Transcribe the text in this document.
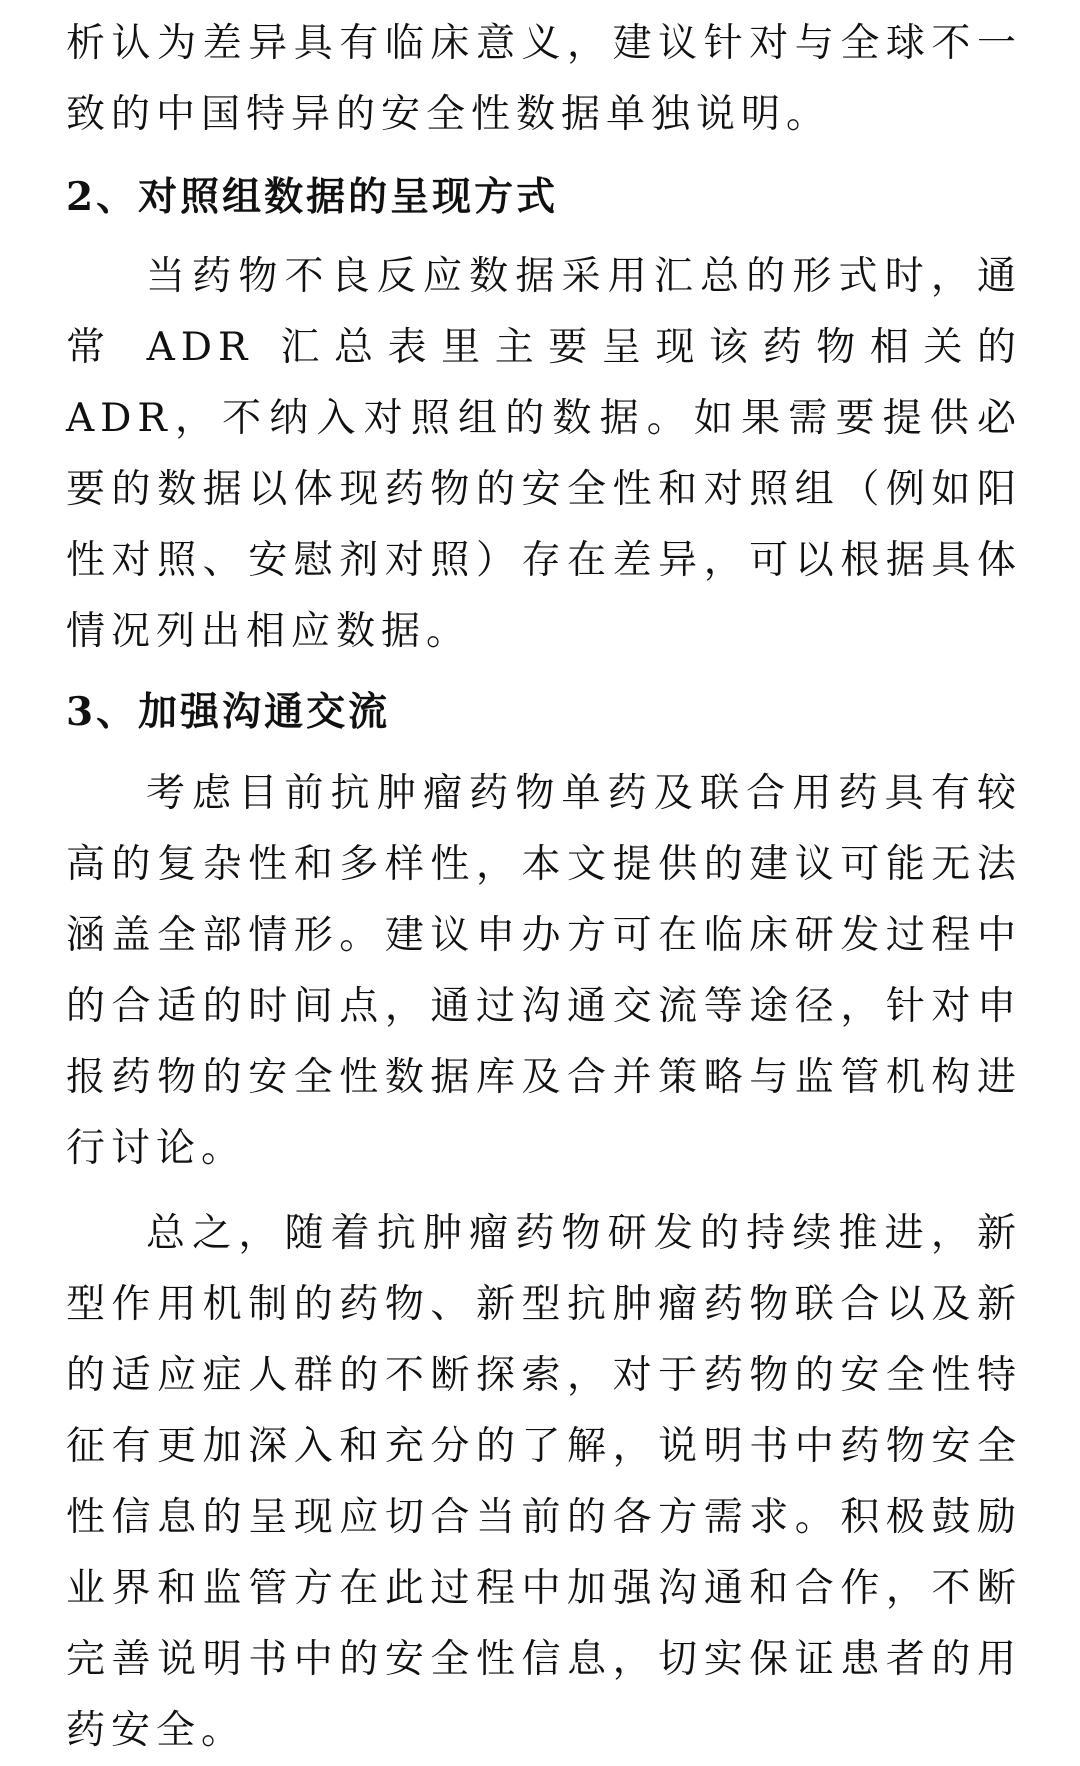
析认为差异具有临床意义，建议针对与全球不一致的中国特异的安全性数据单独说明。

2、对照组数据的呈现方式

当药物不良反应数据采用汇总的形式时，通常 ADR 汇总表里主要呈现该药物相关的 ADR，不纳入对照组的数据。如果需要提供必要的数据以体现药物的安全性和对照组（例如阳性对照、安慰剂对照）存在差异，可以根据具体情况列出相应数据。

3、加强沟通交流

考虑目前抗肿瘤药物单药及联合用药具有较高的复杂性和多样性，本文提供的建议可能无法涵盖全部情形。建议申办方可在临床研发过程中的合适的时间点，通过沟通交流等途径，针对申报药物的安全性数据库及合并策略与监管机构进行讨论。

总之，随着抗肿瘤药物研发的持续推进，新型作用机制的药物、新型抗肿瘤药物联合以及新的适应症人群的不断探索，对于药物的安全性特征有更加深入和充分的了解，说明书中药物安全性信息的呈现应切合当前的各方需求。积极鼓励业界和监管方在此过程中加强沟通和合作，不断完善说明书中的安全性信息，切实保证患者的用药安全。
